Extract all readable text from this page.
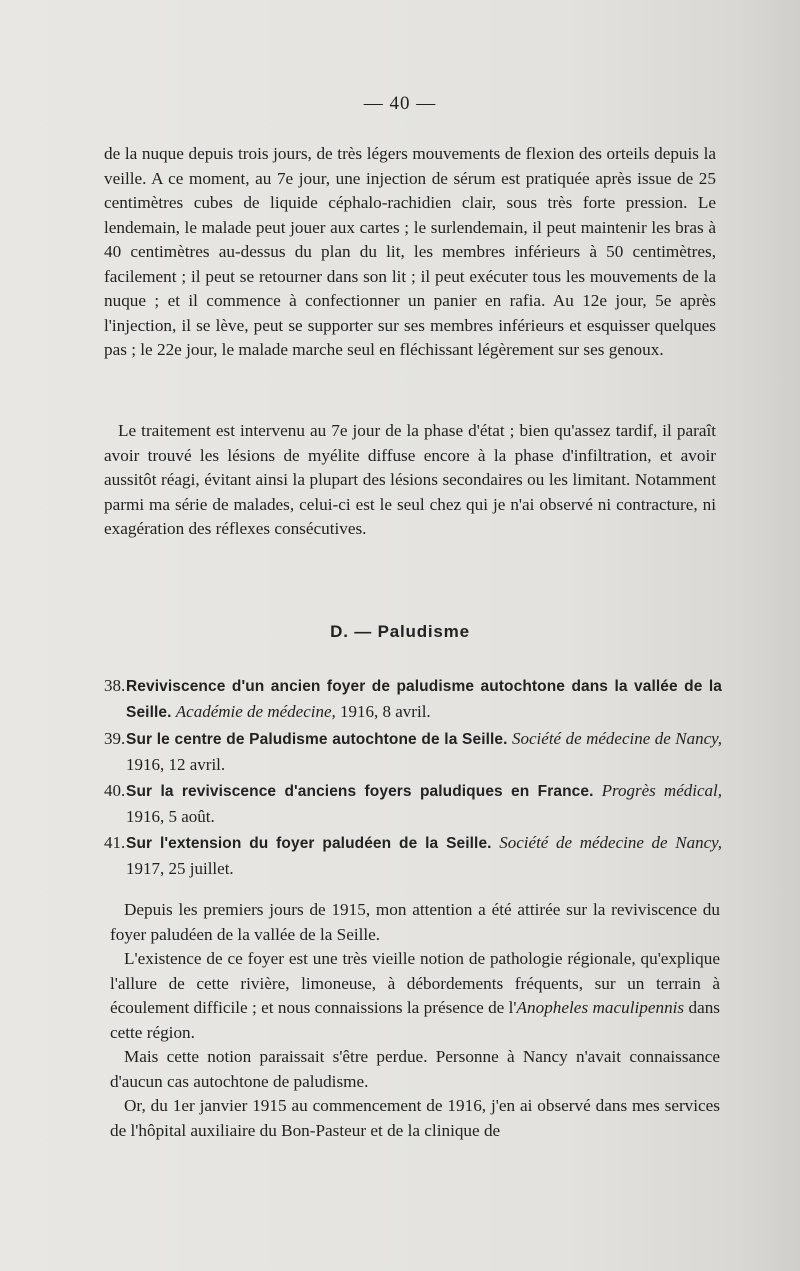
— 40 —

de la nuque depuis trois jours, de très légers mouvements de flexion des orteils depuis la veille. A ce moment, au 7e jour, une injection de sérum est pratiquée après issue de 25 centimètres cubes de liquide céphalo-rachidien clair, sous très forte pression. Le lendemain, le malade peut jouer aux cartes ; le surlendemain, il peut maintenir les bras à 40 centimètres au-dessus du plan du lit, les membres inférieurs à 50 centimètres, facilement ; il peut se retourner dans son lit ; il peut exécuter tous les mouvements de la nuque ; et il commence à confectionner un panier en rafia. Au 12e jour, 5e après l'injection, il se lève, peut se supporter sur ses membres inférieurs et esquisser quelques pas ; le 22e jour, le malade marche seul en fléchissant légèrement sur ses genoux.

Le traitement est intervenu au 7e jour de la phase d'état ; bien qu'assez tardif, il paraît avoir trouvé les lésions de myélite diffuse encore à la phase d'infiltration, et avoir aussitôt réagi, évitant ainsi la plupart des lésions secondaires ou les limitant. Notamment parmi ma série de malades, celui-ci est le seul chez qui je n'ai observé ni contracture, ni exagération des réflexes consécutives.

D. — Paludisme

38.Reviviscence d'un ancien foyer de paludisme autochtone dans la vallée de la Seille. Académie de médecine, 1916, 8 avril.

39.Sur le centre de Paludisme autochtone de la Seille. Société de médecine de Nancy, 1916, 12 avril.

40.Sur la reviviscence d'anciens foyers paludiques en France. Progrès médical, 1916, 5 août.

41.Sur l'extension du foyer paludéen de la Seille. Société de médecine de Nancy, 1917, 25 juillet.

Depuis les premiers jours de 1915, mon attention a été attirée sur la reviviscence du foyer paludéen de la vallée de la Seille.

L'existence de ce foyer est une très vieille notion de pathologie régionale, qu'explique l'allure de cette rivière, limoneuse, à débordements fréquents, sur un terrain à écoulement difficile ; et nous connaissions la présence de l'Anopheles maculipennis dans cette région.

Mais cette notion paraissait s'être perdue. Personne à Nancy n'avait connaissance d'aucun cas autochtone de paludisme.

Or, du 1er janvier 1915 au commencement de 1916, j'en ai observé dans mes services de l'hôpital auxiliaire du Bon-Pasteur et de la clinique de
